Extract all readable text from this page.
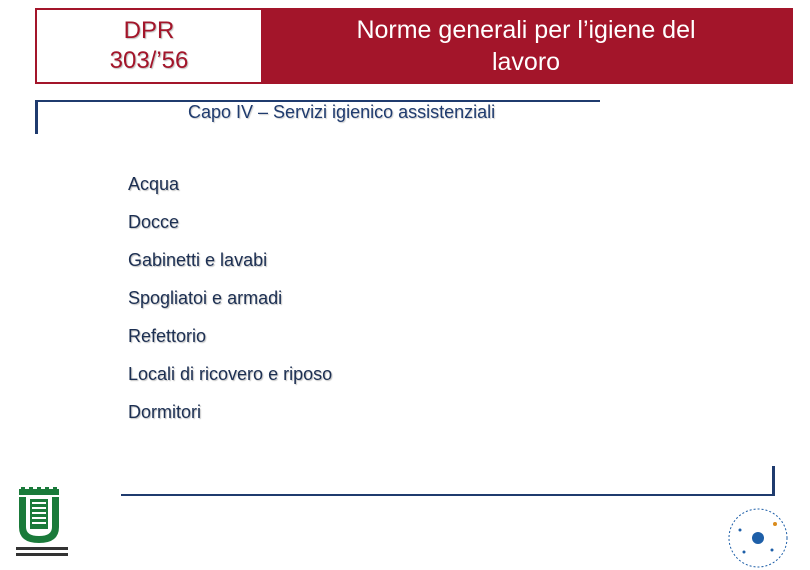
DPR
303/’56
Norme generali per l’igiene del
lavoro
Capo IV – Servizi igienico assistenziali
Acqua
Docce
Gabinetti e lavabi
Spogliatoi e armadi
Refettorio
Locali di ricovero e riposo
Dormitori
